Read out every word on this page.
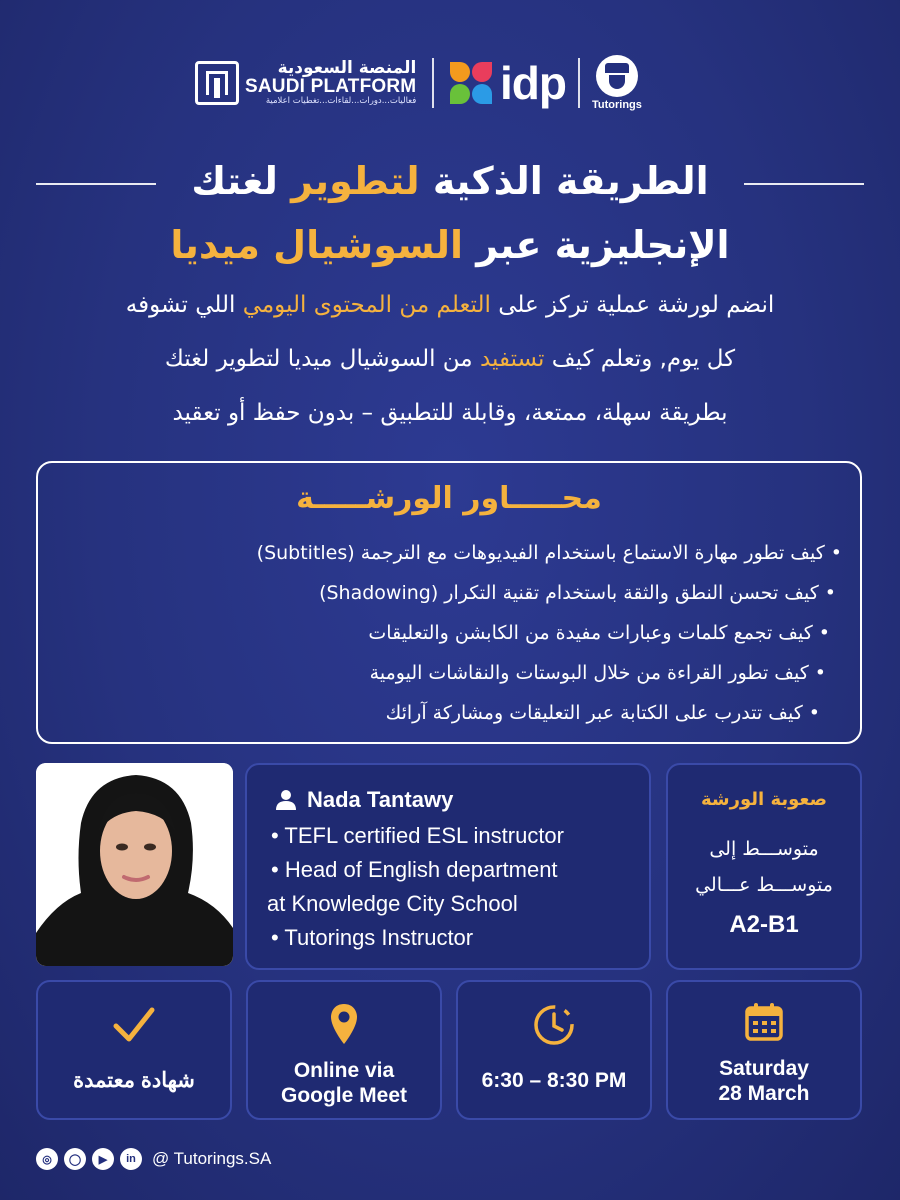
المنصة السعودية
SAUDI PLATFORM
فعاليات...دورات...لقاءات...تغطيات اعلامية idp Tutorings
الطريقة الذكية لتطوير لغتك
الإنجليزية عبر السوشيال ميديا
انضم لورشة عملية تركز على التعلم من المحتوى اليومي اللي تشوفه
كل يوم, وتعلم كيف تستفيد من السوشيال ميديا لتطوير لغتك
بطريقة سهلة، ممتعة، وقابلة للتطبيق – بدون حفظ أو تعقيد
محـــــاور الورشـــــة
• كيف تطور مهارة الاستماع باستخدام الفيديوهات مع الترجمة (Subtitles)
• كيف تحسن النطق والثقة باستخدام تقنية التكرار (Shadowing)
• كيف تجمع كلمات وعبارات مفيدة من الكابشن والتعليقات
• كيف تطور القراءة من خلال البوستات والنقاشات اليومية
• كيف تتدرب على الكتابة عبر التعليقات ومشاركة آرائك
Nada Tantawy
• TEFL certified ESL instructor
• Head of English department
at Knowledge City School
• Tutorings Instructor
صعوبة الورشة
متوســـط إلى
متوســـط عـــالي
A2-B1
شهادة معتمدة	Online via
Google Meet
6:30 – 8:30 PM
Saturday
28 March
◎	◯	▶	in @ Tutorings.SA
